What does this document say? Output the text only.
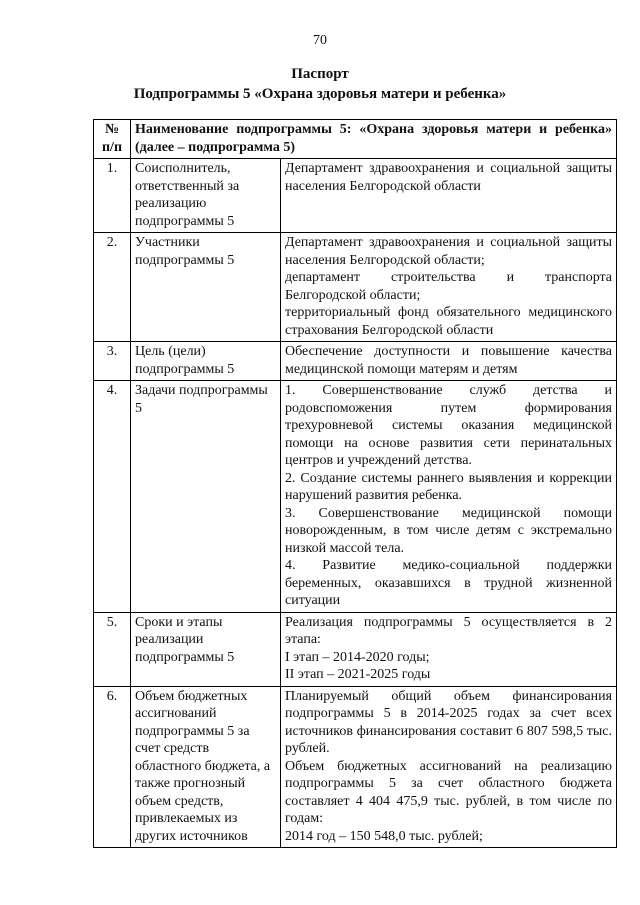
70
Паспорт
Подпрограммы 5 «Охрана здоровья матери и ребенка»
№ п/п	Наименование подпрограммы 5: «Охрана здоровья матери и ребенка» (далее – подпрограмма 5)	
1.	Соисполнитель, ответственный за реализацию подпрограммы 5	Департамент здравоохранения и социальной защиты населения Белгородской области

2.	Участники подпрограммы 5	Департамент здравоохранения и социальной защиты населения Белгородской области;
департамент строительства и транспорта Белгородской области;
территориальный фонд обязательного медицинского страхования Белгородской области

3.	Цель (цели) подпрограммы 5	Обеспечение доступности и повышение качества медицинской помощи матерям и детям

4.	Задачи подпрограммы 5	1. Совершенствование служб детства и родовспоможения путем формирования трехуровневой системы оказания медицинской помощи на основе развития сети перинатальных центров и учреждений детства.
2. Создание системы раннего выявления и коррекции нарушений развития ребенка.
3. Совершенствование медицинской помощи новорожденным, в том числе детям с экстремально низкой массой тела.
4. Развитие медико-социальной поддержки беременных, оказавшихся в трудной жизненной ситуации

5.	Сроки и этапы реализации подпрограммы 5	Реализация подпрограммы 5 осуществляется в 2 этапа:
I этап – 2014-2020 годы;
II этап – 2021-2025 годы

6.	Объем бюджетных ассигнований подпрограммы 5 за счет средств областного бюджета, а также прогнозный объем средств, привлекаемых из других источников	Планируемый общий объем финансирования подпрограммы 5 в 2014-2025 годах за счет всех источников финансирования составит 6 807 598,5 тыс. рублей.
Объем бюджетных ассигнований на реализацию подпрограммы 5 за счет областного бюджета составляет 4 404 475,9 тыс. рублей, в том числе по годам:
2014 год – 150 548,0 тыс. рублей;
